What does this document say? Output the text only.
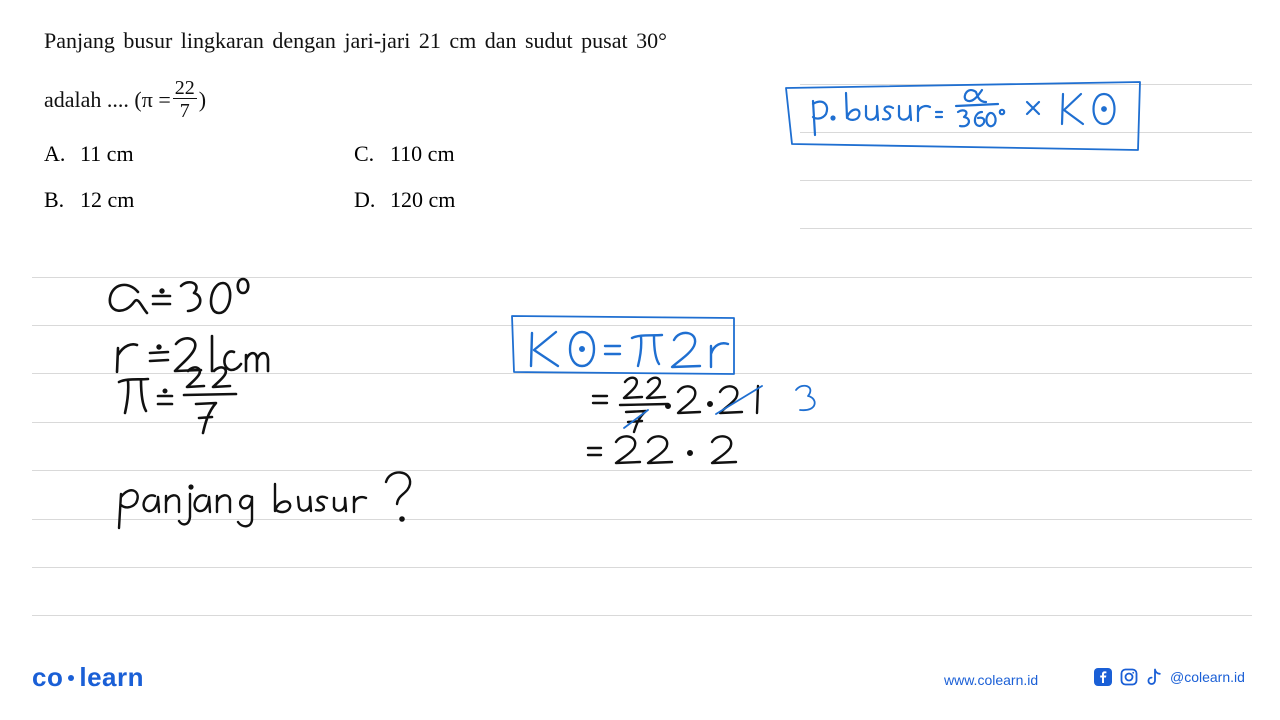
Panjang busur lingkaran dengan jari-jari 21 cm dan sudut pusat 30°
adalah .... ($\pi = \frac{22}{7}$ )
A. 11 cm
B. 12 cm
C. 110 cm
D. 120 cm
co learn	www.colearn.id	@colearn.id
